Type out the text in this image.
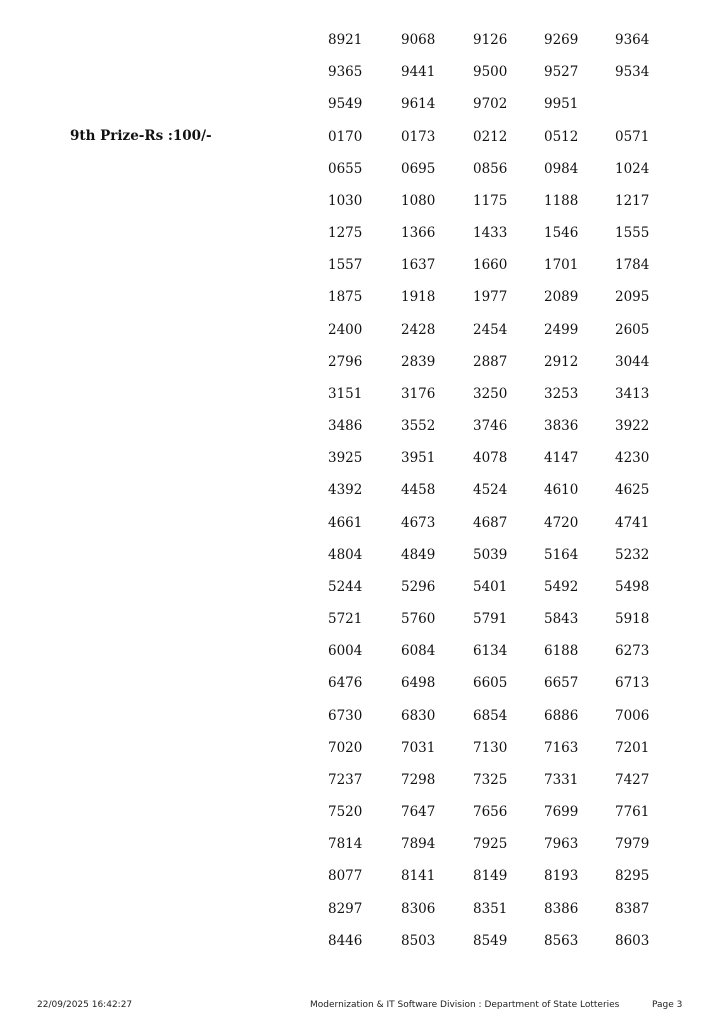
8921	9068	9126	9269	9364
9365	9441	9500	9527	9534
9549	9614	9702	9951
9th Prize-Rs :100/-	0170	0173	0212	0512	0571
0655	0695	0856	0984	1024
1030	1080	1175	1188	1217
1275	1366	1433	1546	1555
1557	1637	1660	1701	1784
1875	1918	1977	2089	2095
2400	2428	2454	2499	2605
2796	2839	2887	2912	3044
3151	3176	3250	3253	3413
3486	3552	3746	3836	3922
3925	3951	4078	4147	4230
4392	4458	4524	4610	4625
4661	4673	4687	4720	4741
4804	4849	5039	5164	5232
5244	5296	5401	5492	5498
5721	5760	5791	5843	5918
6004	6084	6134	6188	6273
6476	6498	6605	6657	6713
6730	6830	6854	6886	7006
7020	7031	7130	7163	7201
7237	7298	7325	7331	7427
7520	7647	7656	7699	7761
7814	7894	7925	7963	7979
8077	8141	8149	8193	8295
8297	8306	8351	8386	8387
8446	8503	8549	8563	8603
22/09/2025 16:42:27	Modernization & IT Software Division : Department of State Lotteries	Page 3
